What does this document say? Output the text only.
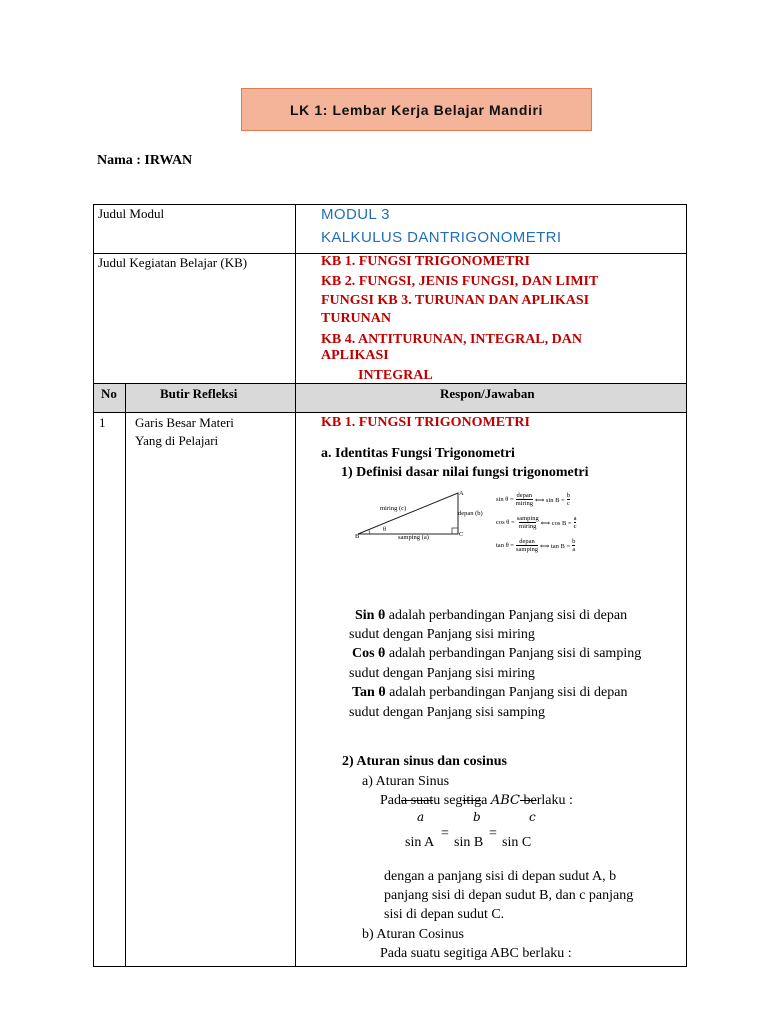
LK 1: Lembar Kerja Belajar Mandiri
Nama : IRWAN
Judul Modul	MODUL 3
KALKULUS DANTRIGONOMETRI
Judul Kegiatan Belajar (KB)	KB 1. FUNGSI TRIGONOMETRI
KB 2. FUNGSI, JENIS FUNGSI, DAN LIMIT
FUNGSI KB 3. TURUNAN DAN APLIKASI
TURUNAN
KB 4. ANTITURUNAN, INTEGRAL, DAN
APLIKASI
INTEGRAL
No	Butir Refleksi	Respon/Jawaban
1 Garis Besar Materi
Yang di Pelajari
KB 1. FUNGSI TRIGONOMETRI
a. Identitas Fungsi Trigonometri
1) Definisi dasar nilai fungsi trigonometri
θ
miring (c)
depan (b)
samping (a)
A
B	C
sin θ =
depan
miring ⟺ $\sin B = \frac{b}{c}$
cos θ =
samping
miring ⟺ $\cos B = \frac{a}{c}$
tan θ =
depan
samping ⟺ $\tan B = \frac{b}{a}$
Sin θ adalah perbandingan Panjang sisi di depan
sudut dengan Panjang sisi miring
Cos θ adalah perbandingan Panjang sisi di samping
sudut dengan Panjang sisi miring
Tan θ adalah perbandingan Panjang sisi di depan
sudut dengan Panjang sisi samping
2) Aturan sinus dan cosinus
a) Aturan Sinus
Pada suatu segitiga ABC berlaku :
a	b	c
=	=
sin A sin B sin C
dengan a panjang sisi di depan sudut A, b
panjang sisi di depan sudut B, dan c panjang
sisi di depan sudut C.
b) Aturan Cosinus
Pada suatu segitiga ABC berlaku :
